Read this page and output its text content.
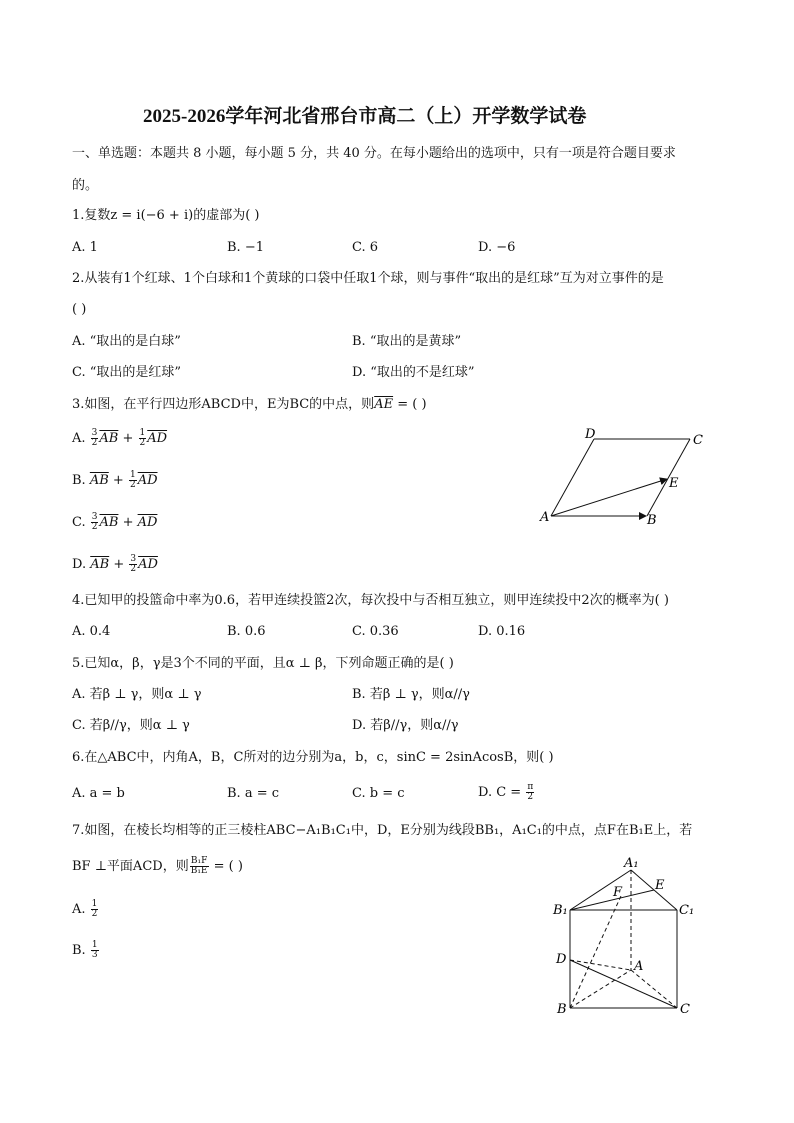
2025-2026学年河北省邢台市高二（上）开学数学试卷
一、单选题：本题共 8 小题，每小题 5 分，共 40 分。在每小题给出的选项中，只有一项是符合题目要求
的。
1.复数z = i(−6 + i)的虚部为( )
A. 1	B. −1	C. 6	D. −6
2.从装有1个红球、1个白球和1个黄球的口袋中任取1个球，则与事件“取出的是红球”互为对立事件的是
( )
A. “取出的是白球”	B. “取出的是黄球”
C. “取出的是红球”	D. “取出的不是红球”
3.如图，在平行四边形ABCD中，E为BC的中点，则$\overline{AE}$ = ( )
A. $\frac{3}{2} \overline{AB} + \frac{1}{2} \overline{AD}$
B. $\overline{AB} + \frac{1}{2} \overline{AD}$
C. $\frac{3}{2} \overline{AB} + \overline{AD}$
D. $\overline{AB} + \frac{3}{2} \overline{AD}$
A	B
C
D
E
4.已知甲的投篮命中率为0.6，若甲连续投篮2次，每次投中与否相互独立，则甲连续投中2次的概率为( )
A. 0.4	B. 0.6	C. 0.36	D. 0.16
5.已知α，β，γ是3个不同的平面，且α ⊥ β，下列命题正确的是( )
A. 若β ⊥ γ，则α ⊥ γ	B. 若β ⊥ γ，则α//γ
C. 若β//γ，则α ⊥ γ	D. 若β//γ，则α//γ
6.在△ABC中，内角A，B，C所对的边分别为a，b，c，sinC = 2sinAcosB，则( )
A. a = b	B. a = c	C. b = c	D. $C = \frac{\pi}{2}$
7.如图，在棱长均相等的正三棱柱ABC−A₁B₁C₁中，D，E分别为线段BB₁，A₁C₁的中点，点F在B₁E上，若
BF ⊥平面ACD，则 $\frac{\text{B₁F}}{\text{B₁E}}$ = ( )
A. $\frac{1}{2}$
B. $\frac{1}{3}$
A₁
B₁	C₁
E
F
D	A
B	C
